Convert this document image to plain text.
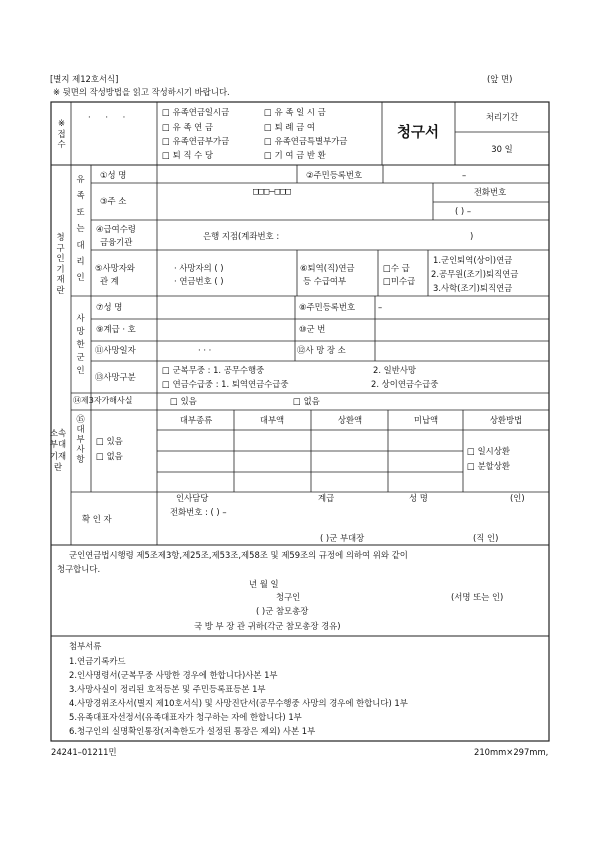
[별지 제12호서식]	(앞 면)
※ 뒷면의 작성방법을 읽고 작성하시기 바랍니다.
※접수
· · ·	□ 유족연금일시금	□ 유 족 일 시 금
□ 유 족 연 금	□ 퇴 례 금 여
□ 유족연금부가금	□ 유족연금특별부가금
□ 퇴 직 수 당	□ 기 여 금 반 환
청구서
처리기간
30 일
청구인기재란
유족또는대리인
①성 명	②주민등록번호	–
③주 소
□□□–□□□	전화번호
( ) –
④급여수령
금융기관
은행 지점(계좌번호 :	)
⑤사망자와
관 계
· 사망자의 ( )
· 연금번호 ( )
⑥퇴역(직)연금
등 수급여부
□수 급
□미수급
1.군인퇴역(상이)연금
2.공무원(조기)퇴직연금
3.사학(조기)퇴직연금
사망한군인
⑦성 명	⑧주민등록번호	–
⑨계급 · 호	⑩군 번
⑪사망일자	· · ·	⑫사 망 장 소
⑬사망구분
□ 군복무중 : 1. 공무수행중	2. 일반사망
□ 연금수급중 : 1. 퇴역연금수급중	2. 상이연금수급중
⑭제3자가해사실	□ 있음	□ 없음
소속부대기재란
⑮대부사항
□ 있음
□ 없음
대부종류	대부액	상환액	미납액	상환방법
□ 일시상환
□ 분할상환
확 인 자
인사담당	계급	성 명	(인)
전화번호 : ( ) –
( )군 부대장	(직 인)
군인연금법시행령 제5조제3항,제25조,제53조,제58조 및 제59조의 규정에 의하여 위와 같이
청구합니다.
년 월 일
청구인	(서명 또는 인)
( )군 참모총장
국 방 부 장 관 귀하(각군 참모총장 경유)
첨부서류
1.연금기록카드
2.인사명령서(군복무중 사망한 경우에 한합니다)사본 1부
3.사망사실이 정리된 호적등본 및 주민등록표등본 1부
4.사망경위조사서(별지 제10호서식) 및 사망진단서(공무수행중 사망의 경우에 한합니다) 1부
5.유족대표자선정서(유족대표자가 청구하는 자에 한합니다) 1부
6.청구인의 실명확인통장(저축한도가 설정된 통장은 제외) 사본 1부
24241–01211민	210mm×297mm,
